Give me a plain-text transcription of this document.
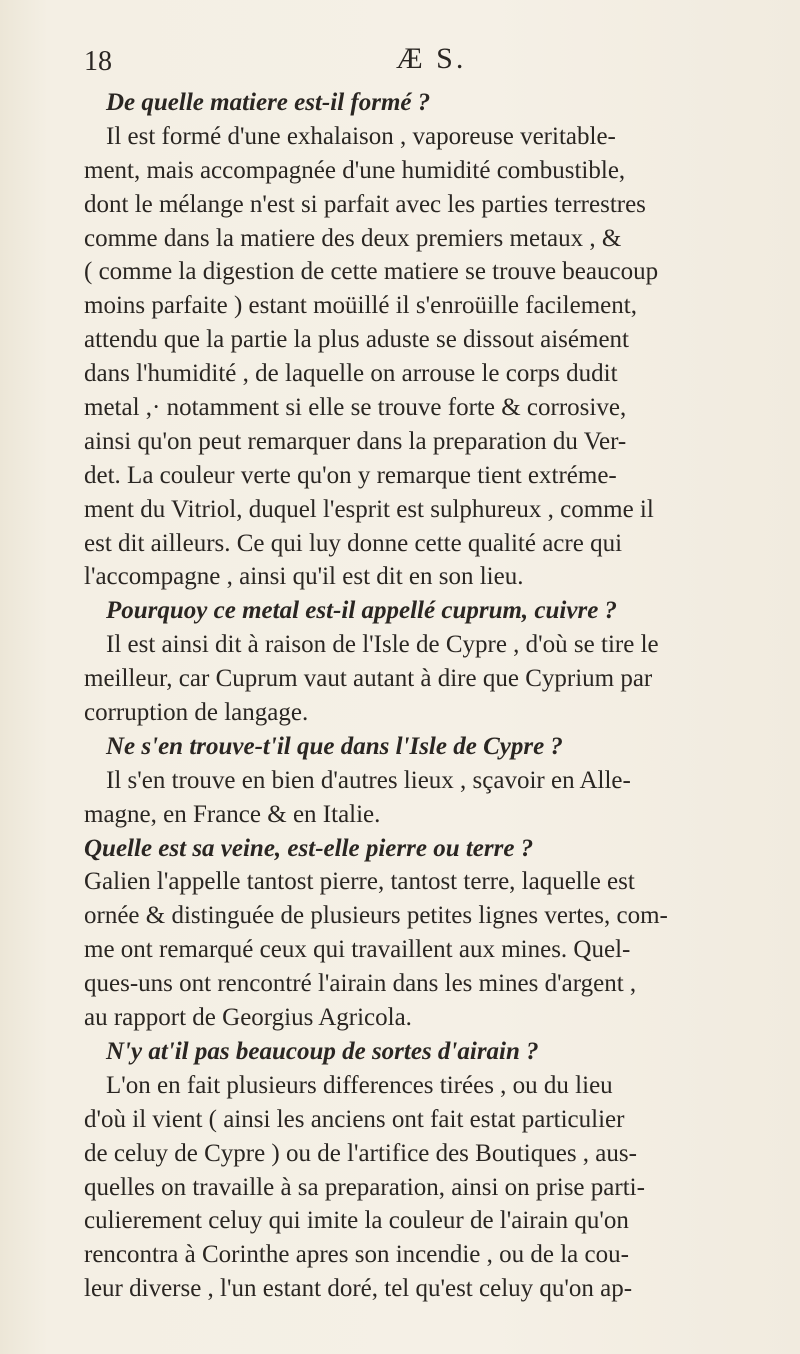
18	Æ S.
De quelle matiere est-il formé ?
Il est formé d'une exhalaison , vaporeuse veritable-
ment, mais accompagnée d'une humidité combustible,
dont le mélange n'est si parfait avec les parties terrestres
comme dans la matiere des deux premiers metaux , &
( comme la digestion de cette matiere se trouve beaucoup
moins parfaite ) estant moüillé il s'enroüille facilement,
attendu que la partie la plus aduste se dissout aisément
dans l'humidité , de laquelle on arrouse le corps dudit
metal ,· notamment si elle se trouve forte & corrosive,
ainsi qu'on peut remarquer dans la preparation du Ver-
det. La couleur verte qu'on y remarque tient extréme-
ment du Vitriol, duquel l'esprit est sulphureux , comme il
est dit ailleurs. Ce qui luy donne cette qualité acre qui
l'accompagne , ainsi qu'il est dit en son lieu.
Pourquoy ce metal est-il appellé cuprum, cuivre ?
Il est ainsi dit à raison de l'Isle de Cypre , d'où se tire le
meilleur, car Cuprum vaut autant à dire que Cyprium par
corruption de langage.
Ne s'en trouve-t'il que dans l'Isle de Cypre ?
Il s'en trouve en bien d'autres lieux , sçavoir en Alle-
magne, en France & en Italie.
Quelle est sa veine, est-elle pierre ou terre ?
Galien l'appelle tantost pierre, tantost terre, laquelle est
ornée & distinguée de plusieurs petites lignes vertes, com-
me ont remarqué ceux qui travaillent aux mines. Quel-
ques-uns ont rencontré l'airain dans les mines d'argent ,
au rapport de Georgius Agricola.
N'y at'il pas beaucoup de sortes d'airain ?
L'on en fait plusieurs differences tirées , ou du lieu
d'où il vient ( ainsi les anciens ont fait estat particulier
de celuy de Cypre ) ou de l'artifice des Boutiques , aus-
quelles on travaille à sa preparation, ainsi on prise parti-
culierement celuy qui imite la couleur de l'airain qu'on
rencontra à Corinthe apres son incendie , ou de la cou-
leur diverse , l'un estant doré, tel qu'est celuy qu'on ap-
